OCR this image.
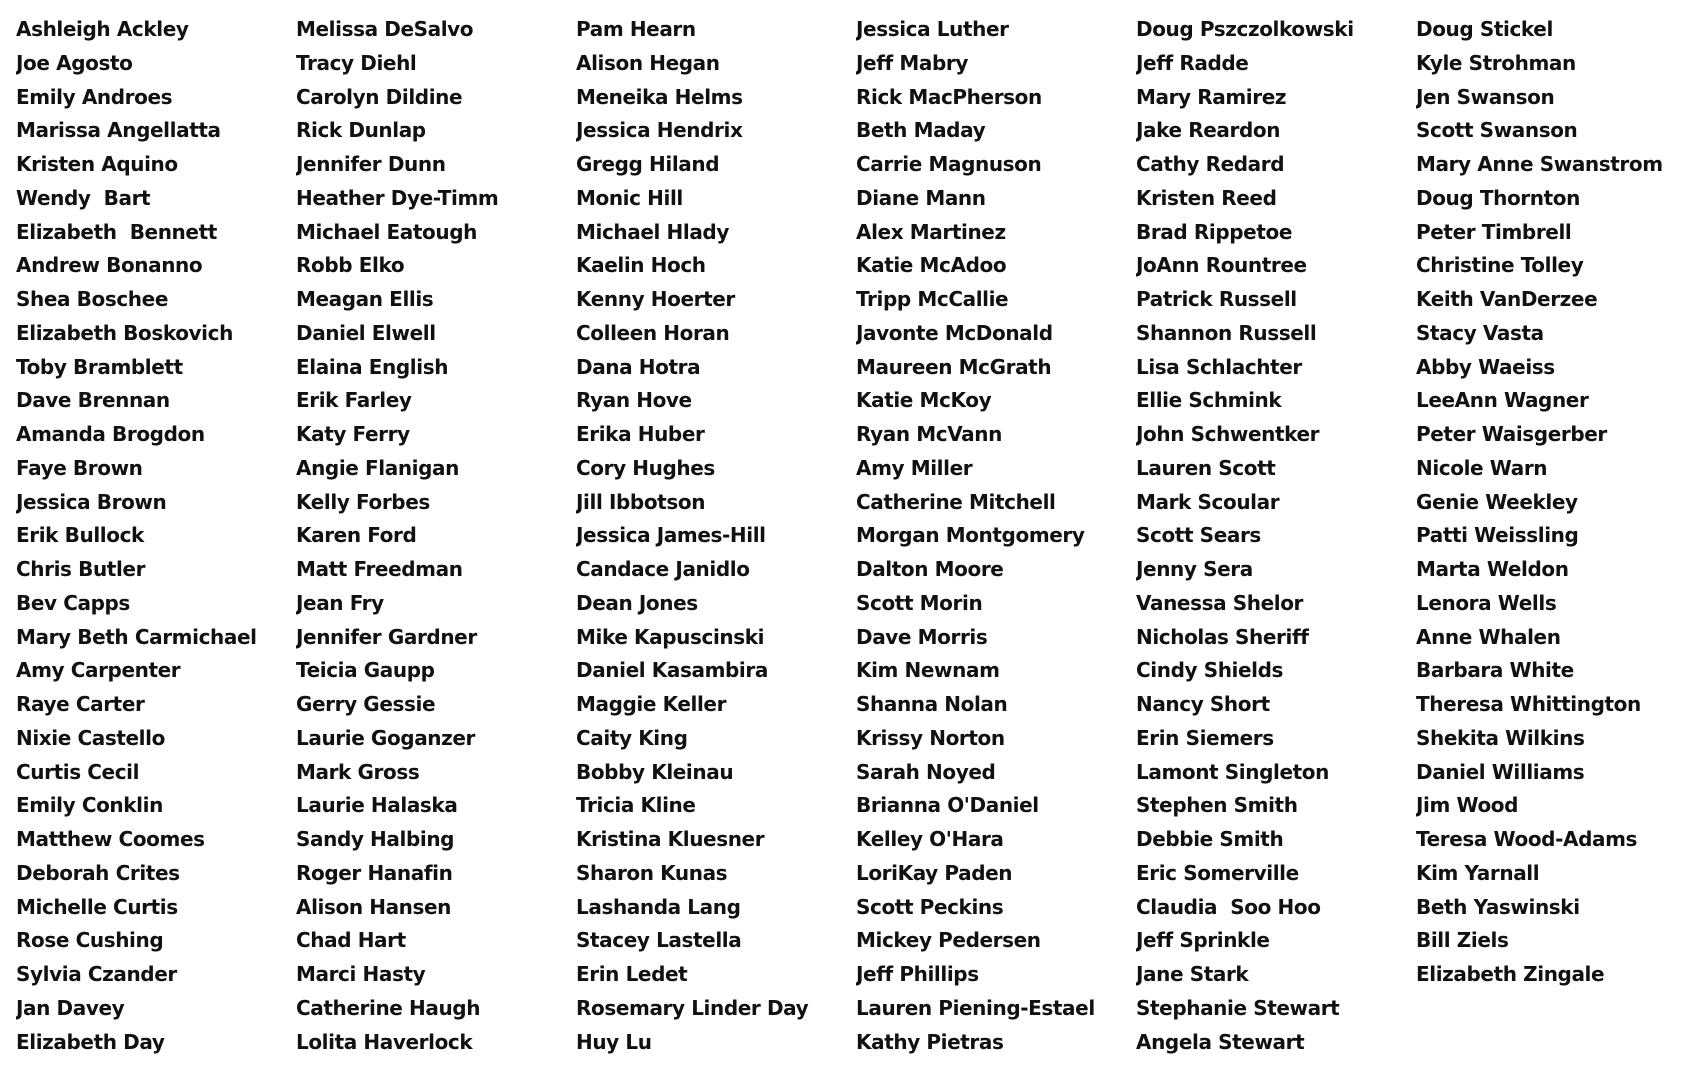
Ashleigh Ackley
Joe Agosto
Emily Androes
Marissa Angellatta
Kristen Aquino
Wendy  Bart
Elizabeth  Bennett
Andrew Bonanno
Shea Boschee
Elizabeth Boskovich
Toby Bramblett
Dave Brennan
Amanda Brogdon
Faye Brown
Jessica Brown
Erik Bullock
Chris Butler
Bev Capps
Mary Beth Carmichael
Amy Carpenter
Raye Carter
Nixie Castello
Curtis Cecil
Emily Conklin
Matthew Coomes
Deborah Crites
Michelle Curtis
Rose Cushing
Sylvia Czander
Jan Davey
Elizabeth Day
Melissa DeSalvo
Tracy Diehl
Carolyn Dildine
Rick Dunlap
Jennifer Dunn
Heather Dye-Timm
Michael Eatough
Robb Elko
Meagan Ellis
Daniel Elwell
Elaina English
Erik Farley
Katy Ferry
Angie Flanigan
Kelly Forbes
Karen Ford
Matt Freedman
Jean Fry
Jennifer Gardner
Teicia Gaupp
Gerry Gessie
Laurie Goganzer
Mark Gross
Laurie Halaska
Sandy Halbing
Roger Hanafin
Alison Hansen
Chad Hart
Marci Hasty
Catherine Haugh
Lolita Haverlock
Pam Hearn
Alison Hegan
Meneika Helms
Jessica Hendrix
Gregg Hiland
Monic Hill
Michael Hlady
Kaelin Hoch
Kenny Hoerter
Colleen Horan
Dana Hotra
Ryan Hove
Erika Huber
Cory Hughes
Jill Ibbotson
Jessica James-Hill
Candace Janidlo
Dean Jones
Mike Kapuscinski
Daniel Kasambira
Maggie Keller
Caity King
Bobby Kleinau
Tricia Kline
Kristina Kluesner
Sharon Kunas
Lashanda Lang
Stacey Lastella
Erin Ledet
Rosemary Linder Day
Huy Lu
Jessica Luther
Jeff Mabry
Rick MacPherson
Beth Maday
Carrie Magnuson
Diane Mann
Alex Martinez
Katie McAdoo
Tripp McCallie
Javonte McDonald
Maureen McGrath
Katie McKoy
Ryan McVann
Amy Miller
Catherine Mitchell
Morgan Montgomery
Dalton Moore
Scott Morin
Dave Morris
Kim Newnam
Shanna Nolan
Krissy Norton
Sarah Noyed
Brianna O'Daniel
Kelley O'Hara
LoriKay Paden
Scott Peckins
Mickey Pedersen
Jeff Phillips
Lauren Piening-Estael
Kathy Pietras
Doug Pszczolkowski
Jeff Radde
Mary Ramirez
Jake Reardon
Cathy Redard
Kristen Reed
Brad Rippetoe
JoAnn Rountree
Patrick Russell
Shannon Russell
Lisa Schlachter
Ellie Schmink
John Schwentker
Lauren Scott
Mark Scoular
Scott Sears
Jenny Sera
Vanessa Shelor
Nicholas Sheriff
Cindy Shields
Nancy Short
Erin Siemers
Lamont Singleton
Stephen Smith
Debbie Smith
Eric Somerville
Claudia  Soo Hoo
Jeff Sprinkle
Jane Stark
Stephanie Stewart
Angela Stewart
Doug Stickel
Kyle Strohman
Jen Swanson
Scott Swanson
Mary Anne Swanstrom
Doug Thornton
Peter Timbrell
Christine Tolley
Keith VanDerzee
Stacy Vasta
Abby Waeiss
LeeAnn Wagner
Peter Waisgerber
Nicole Warn
Genie Weekley
Patti Weissling
Marta Weldon
Lenora Wells
Anne Whalen
Barbara White
Theresa Whittington
Shekita Wilkins
Daniel Williams
Jim Wood
Teresa Wood-Adams
Kim Yarnall
Beth Yaswinski
Bill Ziels
Elizabeth Zingale
